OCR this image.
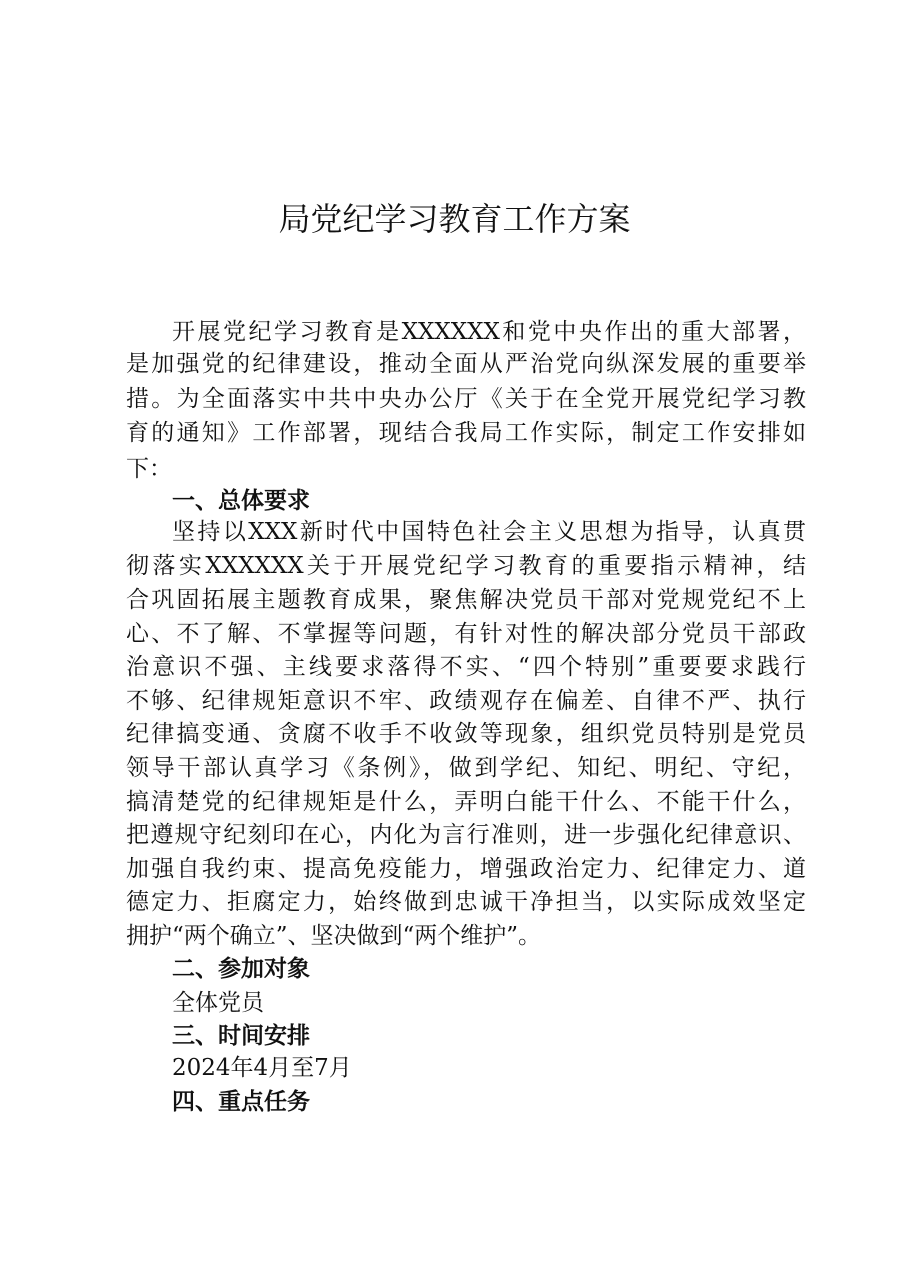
局党纪学习教育工作方案
开展党纪学习教育是XXXXXX和党中央作出的重大部署，
是加强党的纪律建设，推动全面从严治党向纵深发展的重要举
措。为全面落实中共中央办公厅《关于在全党开展党纪学习教
育的通知》工作部署，现结合我局工作实际，制定工作安排如
下：
一、总体要求
坚持以XXX新时代中国特色社会主义思想为指导，认真贯
彻落实XXXXXX关于开展党纪学习教育的重要指示精神，结
合巩固拓展主题教育成果，聚焦解决党员干部对党规党纪不上
心、不了解、不掌握等问题，有针对性的解决部分党员干部政
治意识不强、主线要求落得不实、“四个特别”重要要求践行
不够、纪律规矩意识不牢、政绩观存在偏差、自律不严、执行
纪律搞变通、贪腐不收手不收敛等现象，组织党员特别是党员
领导干部认真学习《条例》，做到学纪、知纪、明纪、守纪，
搞清楚党的纪律规矩是什么，弄明白能干什么、不能干什么，
把遵规守纪刻印在心，内化为言行准则，进一步强化纪律意识、
加强自我约束、提高免疫能力，增强政治定力、纪律定力、道
德定力、拒腐定力，始终做到忠诚干净担当，以实际成效坚定
拥护“两个确立”、坚决做到“两个维护”。
二、参加对象
全体党员
三、时间安排
2024年4月至7月
四、重点任务
